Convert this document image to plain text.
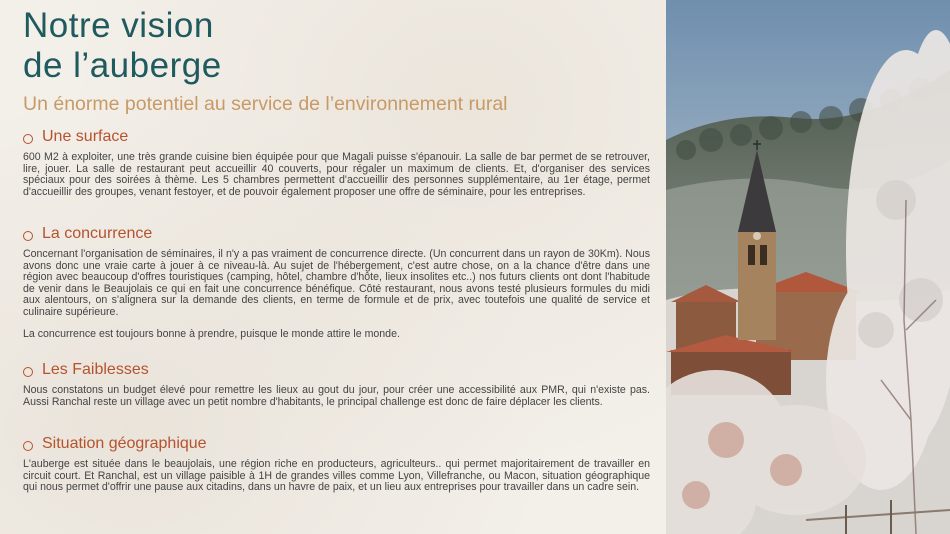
Notre vision
de l’auberge
Un énorme potentiel au service de l’environnement rural
Une surface

600 M2 à exploiter, une très grande cuisine bien équipée pour que Magali puisse s'épanouir. La salle de bar permet de se retrouver, lire, jouer. La salle de restaurant peut accueillir 40 couverts, pour régaler un maximum de clients. Et, d'organiser des services spéciaux pour des soirées à thème. Les 5 chambres permettent d'accueillir des personnes supplémentaire, au 1er étage, permet d'accueillir des groupes, venant festoyer, et de pouvoir également proposer une offre de séminaire, pour les entreprises.

La concurrence

Concernant l'organisation de séminaires, il n'y a pas vraiment de concurrence directe. (Un concurrent dans un rayon de 30Km). Nous avons donc une vraie carte à jouer à ce niveau-là. Au sujet de l'hébergement, c'est autre chose, on a la chance d'être dans une région avec beaucoup d'offres touristiques (camping, hôtel, chambre d'hôte, lieux insolites etc..) nos futurs clients ont dont l'habitude de venir dans le Beaujolais ce qui en fait une concurrence bénéfique. Côté restaurant, nous avons testé plusieurs formules du midi aux alentours, on s'alignera sur la demande des clients, en terme de formule et de prix, avec toutefois une qualité de service et culinaire supérieure.

La concurrence est toujours bonne à prendre, puisque le monde attire le monde.

Les Faiblesses

Nous constatons un budget élevé pour remettre les lieux au gout du jour, pour créer une accessibilité aux PMR, qui n'existe pas. Aussi Ranchal reste un village avec un petit nombre d'habitants, le principal challenge est donc de faire déplacer les clients.

Situation géographique

L'auberge est située dans le beaujolais, une région riche en producteurs, agriculteurs.. qui permet majoritairement de travailler en circuit court. Et Ranchal, est un village paisible à 1H de grandes villes comme Lyon, Villefranche, ou Macon, situation géographique qui nous permet d'offrir une pause aux citadins, dans un havre de paix, et un lieu aux entreprises pour travailler dans un cadre sein.
